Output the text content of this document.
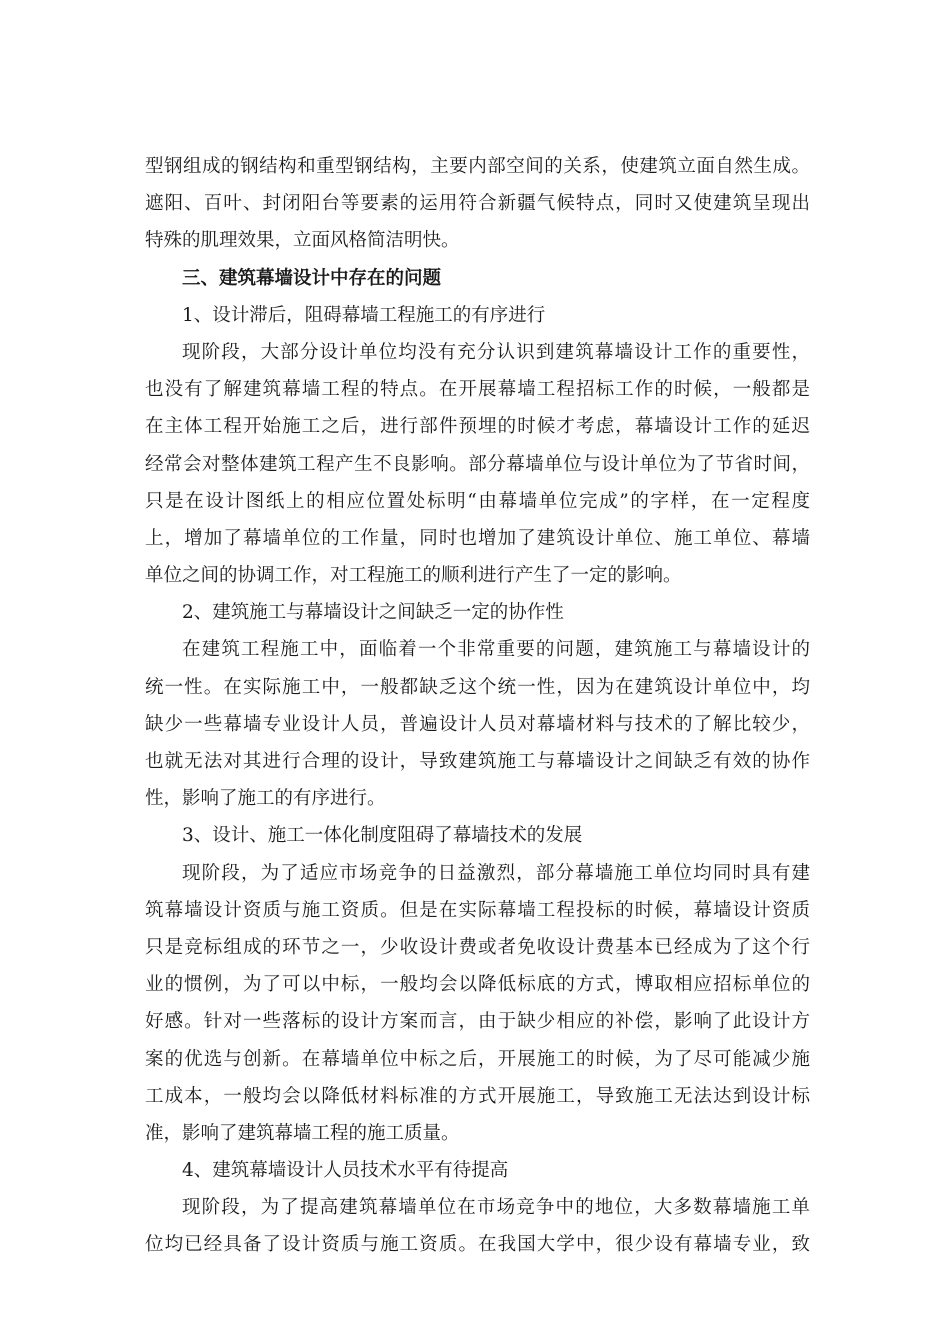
型钢组成的钢结构和重型钢结构，主要内部空间的关系，使建筑立面自然生成。
遮阳、百叶、封闭阳台等要素的运用符合新疆气候特点，同时又使建筑呈现出
特殊的肌理效果，立面风格简洁明快。
三、建筑幕墙设计中存在的问题
1、设计滞后，阻碍幕墙工程施工的有序进行
现阶段，大部分设计单位均没有充分认识到建筑幕墙设计工作的重要性，
也没有了解建筑幕墙工程的特点。在开展幕墙工程招标工作的时候，一般都是
在主体工程开始施工之后，进行部件预埋的时候才考虑，幕墙设计工作的延迟
经常会对整体建筑工程产生不良影响。部分幕墙单位与设计单位为了节省时间，
只是在设计图纸上的相应位置处标明“由幕墙单位完成”的字样，在一定程度
上，增加了幕墙单位的工作量，同时也增加了建筑设计单位、施工单位、幕墙
单位之间的协调工作，对工程施工的顺利进行产生了一定的影响。
2、建筑施工与幕墙设计之间缺乏一定的协作性
在建筑工程施工中，面临着一个非常重要的问题，建筑施工与幕墙设计的
统一性。在实际施工中，一般都缺乏这个统一性，因为在建筑设计单位中，均
缺少一些幕墙专业设计人员，普遍设计人员对幕墙材料与技术的了解比较少，
也就无法对其进行合理的设计，导致建筑施工与幕墙设计之间缺乏有效的协作
性，影响了施工的有序进行。
3、设计、施工一体化制度阻碍了幕墙技术的发展
现阶段，为了适应市场竞争的日益激烈，部分幕墙施工单位均同时具有建
筑幕墙设计资质与施工资质。但是在实际幕墙工程投标的时候，幕墙设计资质
只是竞标组成的环节之一，少收设计费或者免收设计费基本已经成为了这个行
业的惯例，为了可以中标，一般均会以降低标底的方式，博取相应招标单位的
好感。针对一些落标的设计方案而言，由于缺少相应的补偿，影响了此设计方
案的优选与创新。在幕墙单位中标之后，开展施工的时候，为了尽可能减少施
工成本，一般均会以降低材料标准的方式开展施工，导致施工无法达到设计标
准，影响了建筑幕墙工程的施工质量。
4、建筑幕墙设计人员技术水平有待提高
现阶段，为了提高建筑幕墙单位在市场竞争中的地位，大多数幕墙施工单
位均已经具备了设计资质与施工资质。在我国大学中，很少设有幕墙专业，致
